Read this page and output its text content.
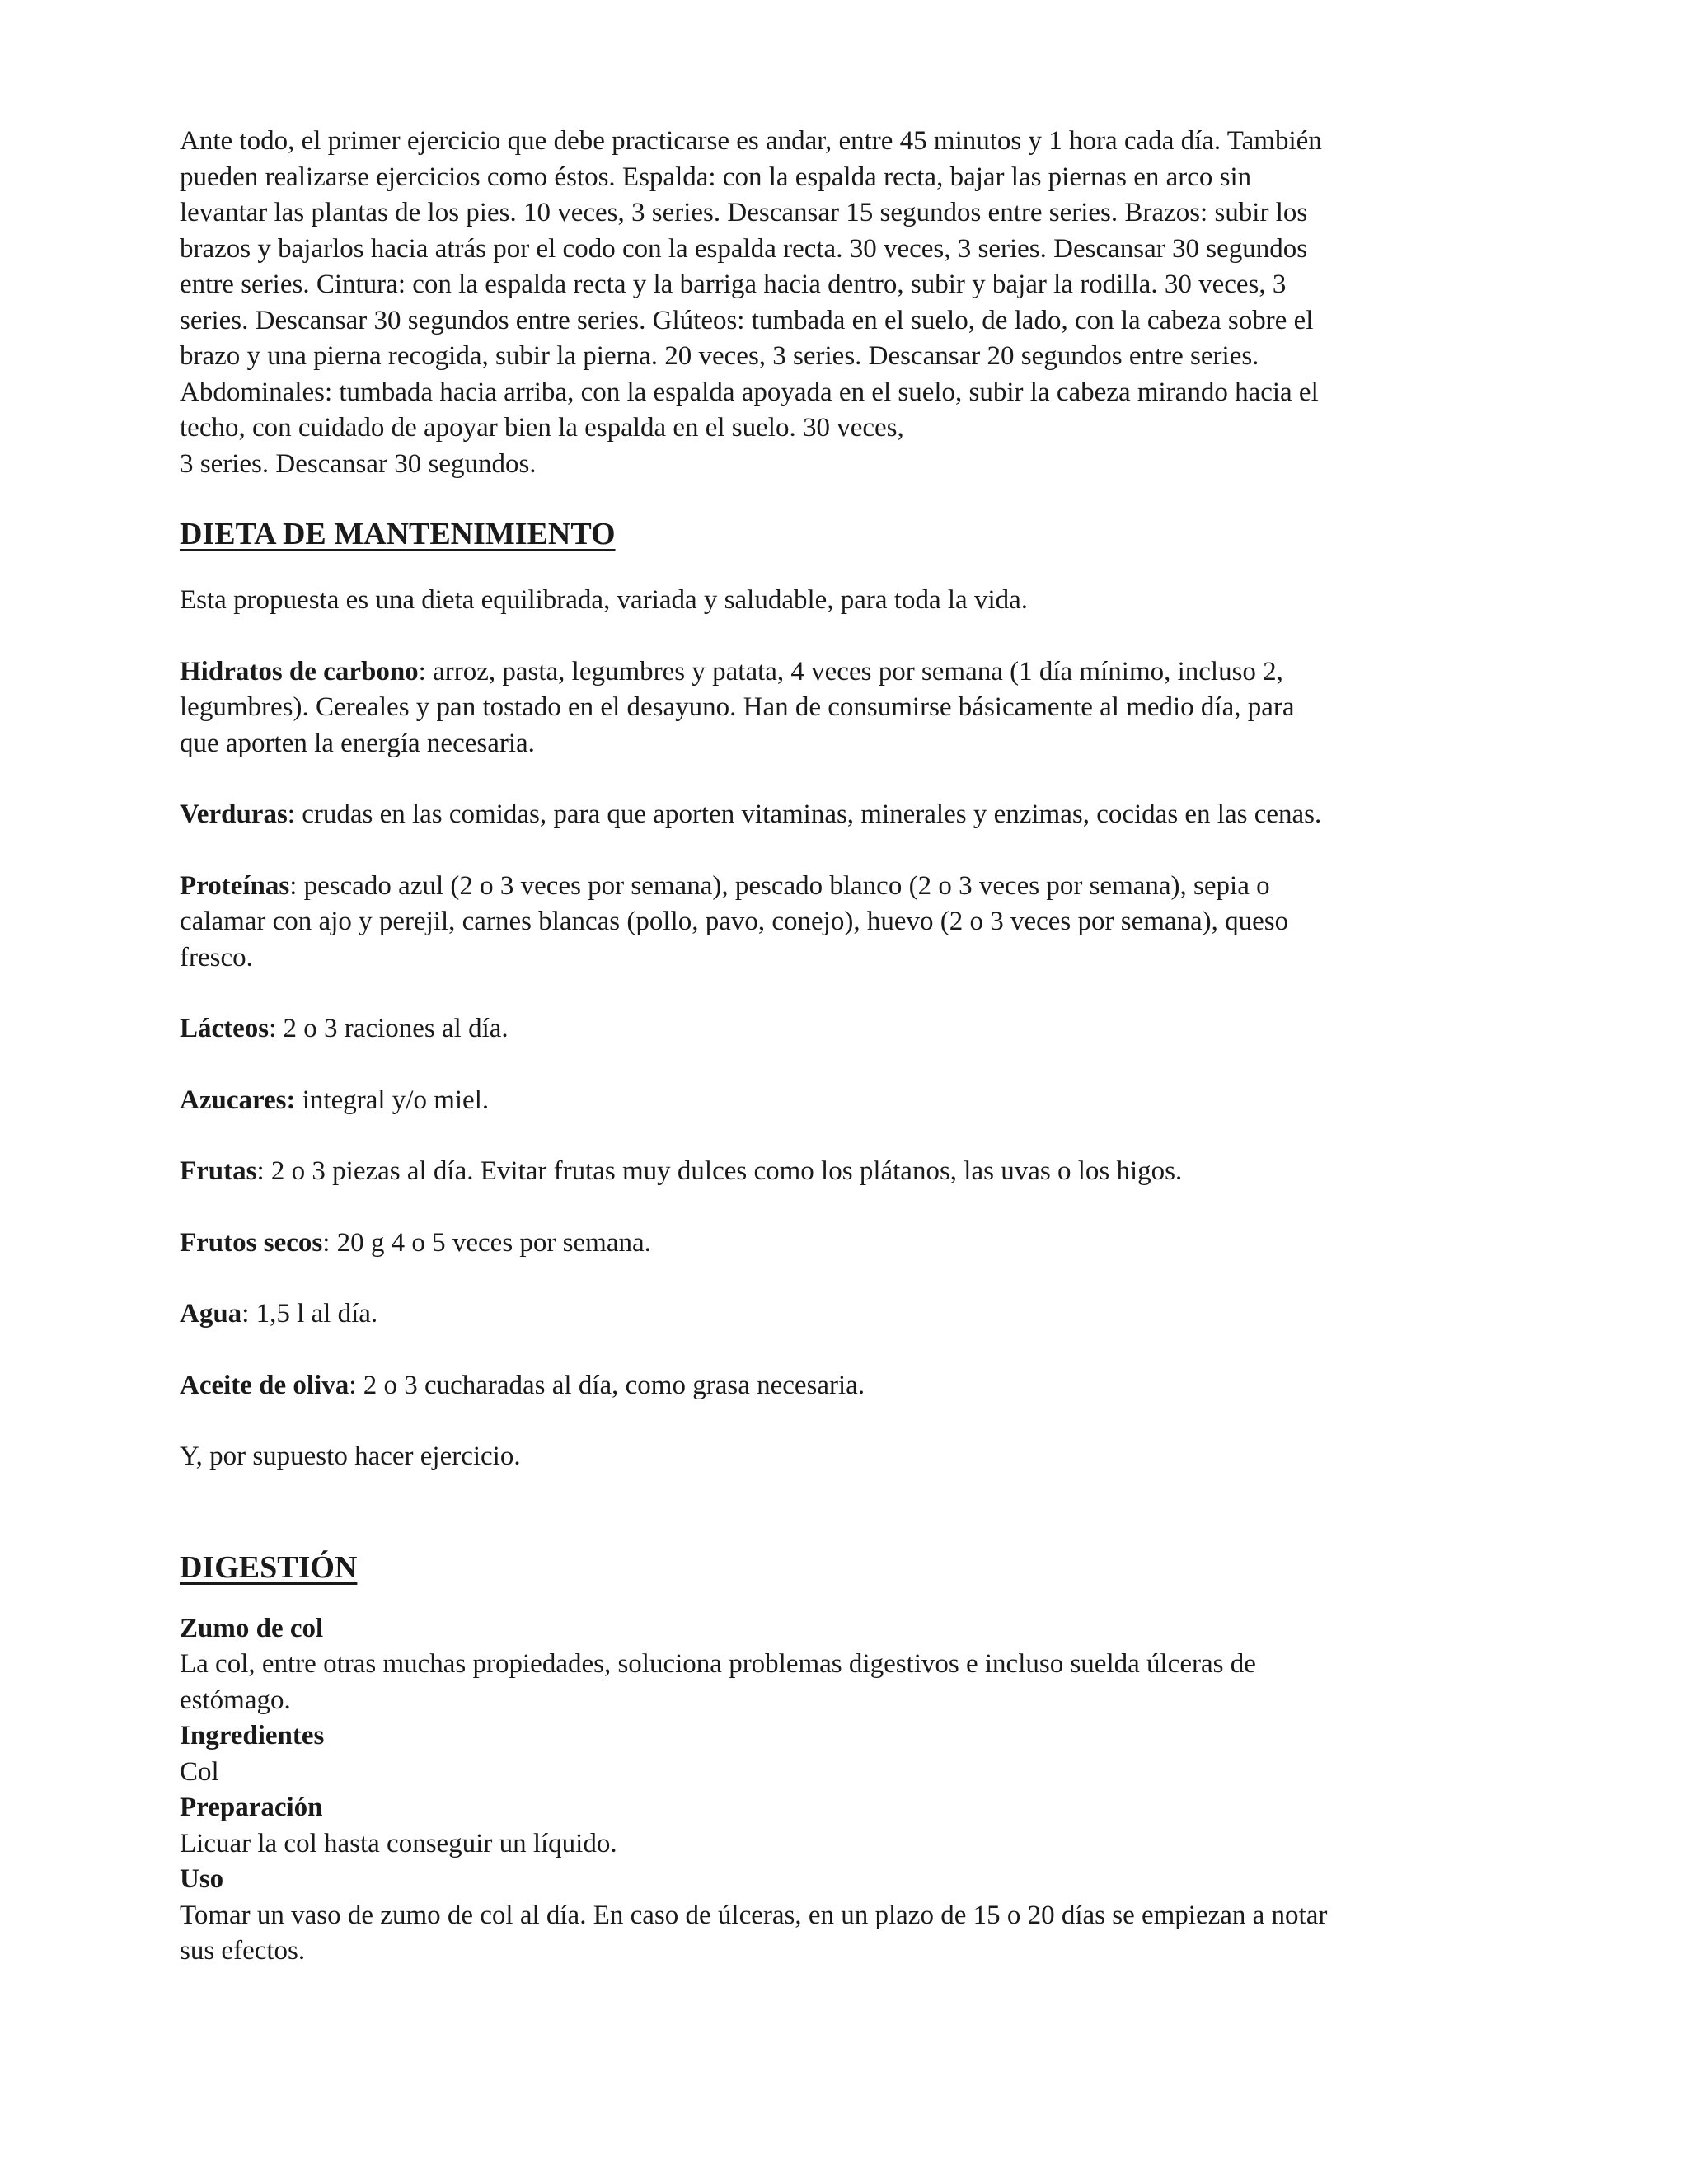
Ante todo, el primer ejercicio que debe practicarse es andar, entre 45 minutos y 1 hora cada día. También
pueden realizarse ejercicios como éstos. Espalda: con la espalda recta, bajar las piernas en arco sin
levantar las plantas de los pies. 10 veces, 3 series. Descansar 15 segundos entre series. Brazos: subir los
brazos y bajarlos hacia atrás por el codo con la espalda recta. 30 veces, 3 series. Descansar 30 segundos
entre series. Cintura: con la espalda recta y la barriga hacia dentro, subir y bajar la rodilla. 30 veces, 3
series. Descansar 30 segundos entre series. Glúteos: tumbada en el suelo, de lado, con la cabeza sobre el
brazo y una pierna recogida, subir la pierna. 20 veces, 3 series. Descansar 20 segundos entre series.
Abdominales: tumbada hacia arriba, con la espalda apoyada en el suelo, subir la cabeza mirando hacia el
techo, con cuidado de apoyar bien la espalda en el suelo. 30 veces,
3 series. Descansar 30 segundos.

DIETA DE MANTENIMIENTO

Esta propuesta es una dieta equilibrada, variada y saludable, para toda la vida.

Hidratos de carbono: arroz, pasta, legumbres y patata, 4 veces por semana (1 día mínimo, incluso 2,
legumbres). Cereales y pan tostado en el desayuno. Han de consumirse básicamente al medio día, para
que aporten la energía necesaria.

Verduras: crudas en las comidas, para que aporten vitaminas, minerales y enzimas, cocidas en las cenas.

Proteínas: pescado azul (2 o 3 veces por semana), pescado blanco (2 o 3 veces por semana), sepia o
calamar con ajo y perejil, carnes blancas (pollo, pavo, conejo), huevo (2 o 3 veces por semana), queso
fresco.

Lácteos: 2 o 3 raciones al día.

Azucares: integral y/o miel.

Frutas: 2 o 3 piezas al día. Evitar frutas muy dulces como los plátanos, las uvas o los higos.

Frutos secos: 20 g 4 o 5 veces por semana.

Agua: 1,5 l al día.

Aceite de oliva: 2 o 3 cucharadas al día, como grasa necesaria.

Y, por supuesto hacer ejercicio.

DIGESTIÓN
Zumo de col
La col, entre otras muchas propiedades, soluciona problemas digestivos e incluso suelda úlceras de
estómago.
Ingredientes
Col
Preparación
Licuar la col hasta conseguir un líquido.
Uso
Tomar un vaso de zumo de col al día. En caso de úlceras, en un plazo de 15 o 20 días se empiezan a notar
sus efectos.
